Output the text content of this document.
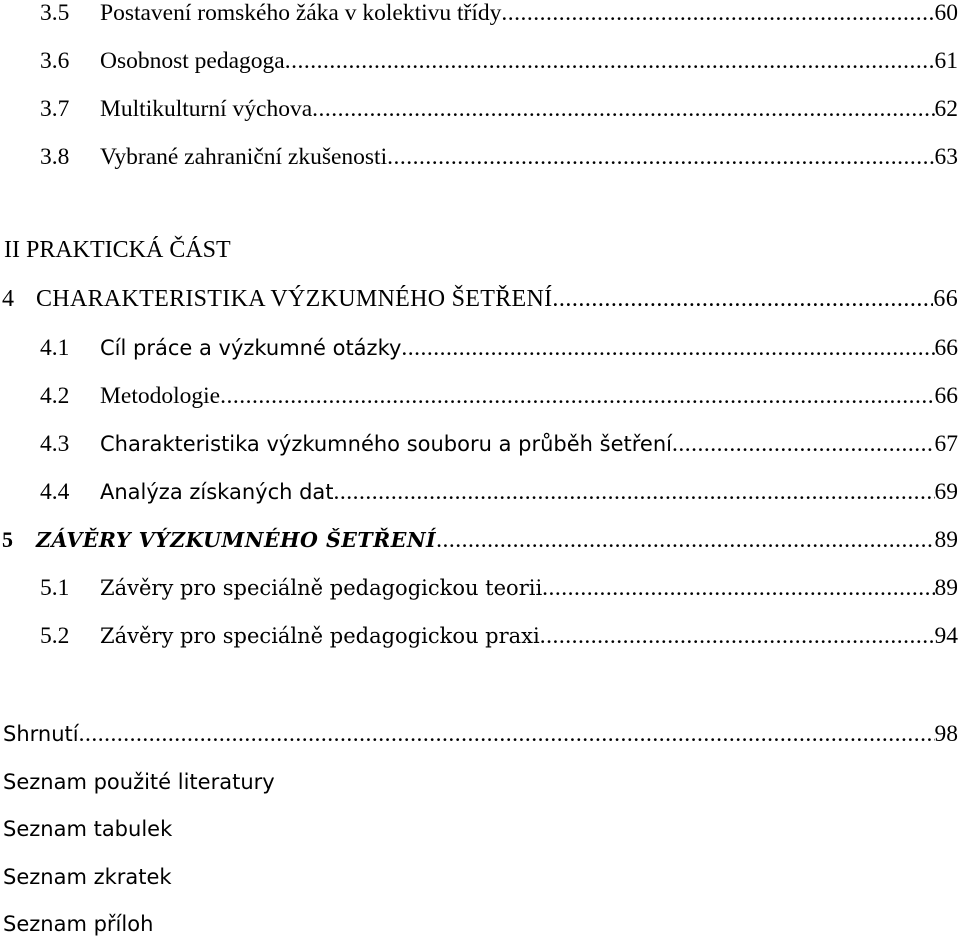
3.5	Postavení romského žáka v kolektivu třídy .....	60
3.6	Osobnost pedagoga .....	61
3.7	Multikulturní výchova .....	62
3.8	Vybrané zahraniční zkušenosti .....	63
II PRAKTICKÁ ČÁST
4 CHARAKTERISTIKA VÝZKUMNÉHO ŠETŘENÍ .....	66
4.1	Cíl práce a výzkumné otázky .....	66
4.2	Metodologie .....	66
4.3	Charakteristika výzkumného souboru a průběh šetření .....	67
4.4	Analýza získaných dat .....	69
5	ZÁVĚRY VÝZKUMNÉHO ŠETŘENÍ .....	89
5.1	Závěry pro speciálně pedagogickou teorii .....	89
5.2	Závěry pro speciálně pedagogickou praxi .....	94
Shrnutí .....	98
Seznam použité literatury
Seznam tabulek
Seznam zkratek
Seznam příloh
